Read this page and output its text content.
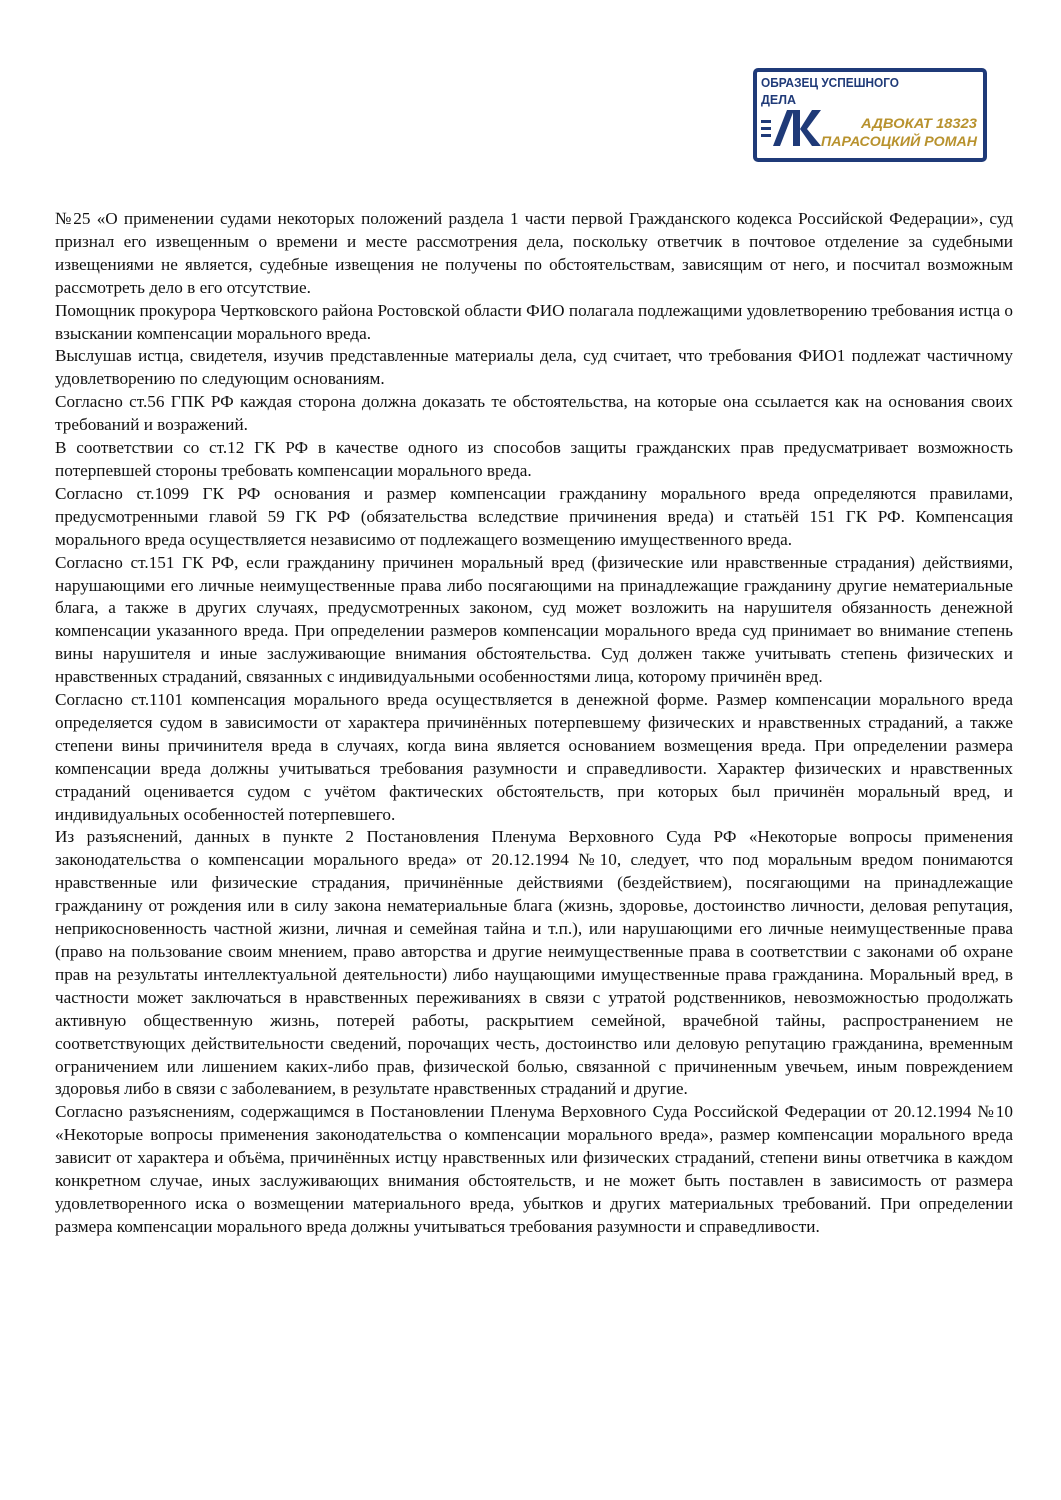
ОБРАЗЕЦ УСПЕШНОГО
ДЕЛА
АДВОКАТ 18323
ПАРАСОЦКИЙ РОМАН

№25 «О применении судами некоторых положений раздела 1 части первой Гражданского кодекса Российской Федерации», суд признал его извещенным о времени и месте рассмотрения дела, поскольку ответчик в почтовое отделение за судебными извещениями не является, судебные извещения не получены по обстоятельствам, зависящим от него, и посчитал возможным рассмотреть дело в его отсутствие.

Помощник прокурора Чертковского района Ростовской области ФИО полагала подлежащими удовлетворению требования истца о взыскании компенсации морального вреда.

Выслушав истца, свидетеля, изучив представленные материалы дела, суд считает, что требования ФИО1 подлежат частичному удовлетворению по следующим основаниям.

Согласно ст.56 ГПК РФ каждая сторона должна доказать те обстоятельства, на которые она ссылается как на основания своих требований и возражений.

В соответствии со ст.12 ГК РФ в качестве одного из способов защиты гражданских прав предусматривает возможность потерпевшей стороны требовать компенсации морального вреда.

Согласно ст.1099 ГК РФ основания и размер компенсации гражданину морального вреда определяются правилами, предусмотренными главой 59 ГК РФ (обязательства вследствие причинения вреда) и статьёй 151 ГК РФ. Компенсация морального вреда осуществляется независимо от подлежащего возмещению имущественного вреда.

Согласно ст.151 ГК РФ, если гражданину причинен моральный вред (физические или нравственные страдания) действиями, нарушающими его личные неимущественные права либо посягающими на принадлежащие гражданину другие нематериальные блага, а также в других случаях, предусмотренных законом, суд может возложить на нарушителя обязанность денежной компенсации указанного вреда. При определении размеров компенсации морального вреда суд принимает во внимание степень вины нарушителя и иные заслуживающие внимания обстоятельства. Суд должен также учитывать степень физических и нравственных страданий, связанных с индивидуальными особенностями лица, которому причинён вред.

Согласно ст.1101 компенсация морального вреда осуществляется в денежной форме. Размер компенсации морального вреда определяется судом в зависимости от характера причинённых потерпевшему физических и нравственных страданий, а также степени вины причинителя вреда в случаях, когда вина является основанием возмещения вреда. При определении размера компенсации вреда должны учитываться требования разумности и справедливости. Характер физических и нравственных страданий оценивается судом с учётом фактических обстоятельств, при которых был причинён моральный вред, и индивидуальных особенностей потерпевшего.

Из разъяснений, данных в пункте 2 Постановления Пленума Верховного Суда РФ «Некоторые вопросы применения законодательства о компенсации морального вреда» от 20.12.1994 №10, следует, что под моральным вредом понимаются нравственные или физические страдания, причинённые действиями (бездействием), посягающими на принадлежащие гражданину от рождения или в силу закона нематериальные блага (жизнь, здоровье, достоинство личности, деловая репутация, неприкосновенность частной жизни, личная и семейная тайна и т.п.), или нарушающими его личные неимущественные права (право на пользование своим мнением, право авторства и другие неимущественные права в соответствии с законами об охране прав на результаты интеллектуальной деятельности) либо наущающими имущественные права гражданина. Моральный вред, в частности может заключаться в нравственных переживаниях в связи с утратой родственников, невозможностью продолжать активную общественную жизнь, потерей работы, раскрытием семейной, врачебной тайны, распространением не соответствующих действительности сведений, порочащих честь, достоинство или деловую репутацию гражданина, временным ограничением или лишением каких-либо прав, физической болью, связанной с причиненным увечьем, иным повреждением здоровья либо в связи с заболеванием, в результате нравственных страданий и другие.

Согласно разъяснениям, содержащимся в Постановлении Пленума Верховного Суда Российской Федерации от 20.12.1994 №10 «Некоторые вопросы применения законодательства о компенсации морального вреда», размер компенсации морального вреда зависит от характера и объёма, причинённых истцу нравственных или физических страданий, степени вины ответчика в каждом конкретном случае, иных заслуживающих внимания обстоятельств, и не может быть поставлен в зависимость от размера удовлетворенного иска о возмещении материального вреда, убытков и других материальных требований. При определении размера компенсации морального вреда должны учитываться требования разумности и справедливости.
